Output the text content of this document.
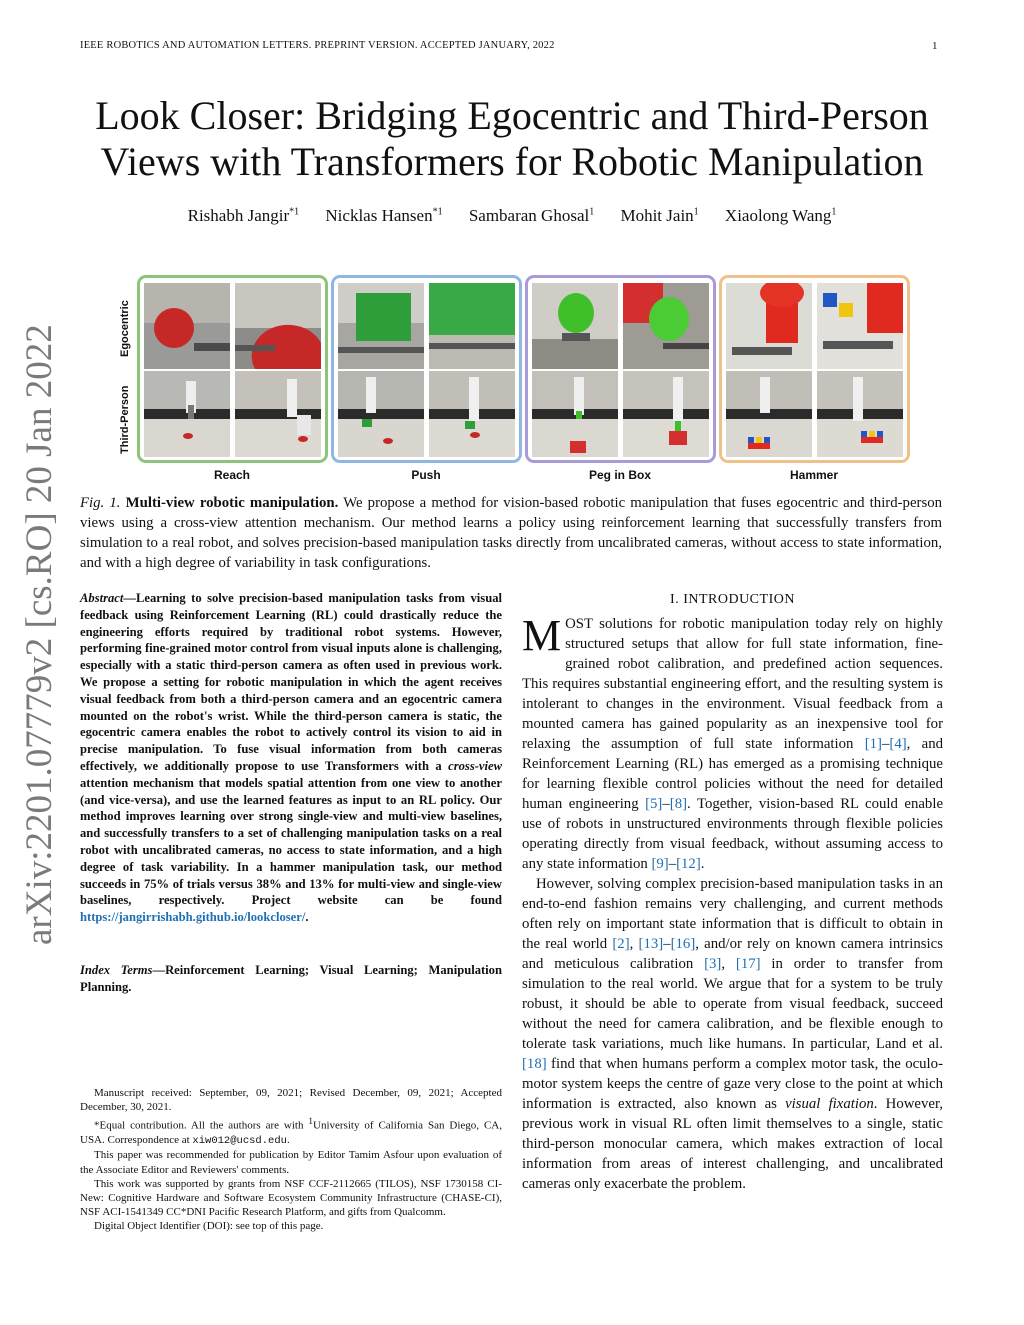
IEEE ROBOTICS AND AUTOMATION LETTERS. PREPRINT VERSION. ACCEPTED JANUARY, 2022	1
Look Closer: Bridging Egocentric and Third-Person
Views with Transformers for Robotic Manipulation
Rishabh Jangir$^{*1}$ Nicklas Hansen$^{*1}$ Sambaran Ghosal$^1$ Mohit Jain$^1$ Xiaolong Wang$^1$
arXiv:2201.07779v2 [cs.RO] 20 Jan 2022	Egocentric
Third-Person
Reach	Push	Peg in Box	Hammer
Fig. 1. Multi-view robotic manipulation. We propose a method for vision-based robotic manipulation that fuses egocentric and third-person views using a cross-view attention mechanism. Our method learns a policy using reinforcement learning that successfully transfers from simulation to a real robot, and solves precision-based manipulation tasks directly from uncalibrated cameras, without access to state information, and with a high degree of variability in task configurations.
Abstract—Learning to solve precision-based manipulation tasks from visual feedback using Reinforcement Learning (RL) could drastically reduce the engineering efforts required by traditional robot systems. However, performing fine-grained motor control from visual inputs alone is challenging, especially with a static third-person camera as often used in previous work. We propose a setting for robotic manipulation in which the agent receives visual feedback from both a third-person camera and an egocentric camera mounted on the robot's wrist. While the third-person camera is static, the egocentric camera enables the robot to actively control its vision to aid in precise manipulation. To fuse visual information from both cameras effectively, we additionally propose to use Transformers with a cross-view attention mechanism that models spatial attention from one view to another (and vice-versa), and use the learned features as input to an RL policy. Our method improves learning over strong single-view and multi-view baselines, and successfully transfers to a set of challenging manipulation tasks on a real robot with uncalibrated cameras, no access to state information, and a high degree of task variability. In a hammer manipulation task, our method succeeds in 75% of trials versus 38% and 13% for multi-view and single-view baselines, respectively. Project website can be found https://jangirrishabh.github.io/lookcloser/.
Index Terms—Reinforcement Learning; Visual Learning; Manipulation Planning.

Manuscript received: September, 09, 2021; Revised December, 09, 2021; Accepted December, 30, 2021.

*Equal contribution. All the authors are with $^1$University of California San Diego, CA, USA. Correspondence at xiw012@ucsd.edu.

This paper was recommended for publication by Editor Tamim Asfour upon evaluation of the Associate Editor and Reviewers' comments.

This work was supported by grants from NSF CCF-2112665 (TILOS), NSF 1730158 CI-New: Cognitive Hardware and Software Ecosystem Community Infrastructure (CHASE-CI), NSF ACI-1541349 CC*DNI Pacific Research Platform, and gifts from Qualcomm.

Digital Object Identifier (DOI): see top of this page.

I. INTRODUCTION

MOST solutions for robotic manipulation today rely on highly structured setups that allow for full state information, fine-grained robot calibration, and predefined action sequences. This requires substantial engineering effort, and the resulting system is intolerant to changes in the environment. Visual feedback from a mounted camera has gained popularity as an inexpensive tool for relaxing the assumption of full state information [1]–[4], and Reinforcement Learning (RL) has emerged as a promising technique for learning flexible control policies without the need for detailed human engineering [5]–[8]. Together, vision-based RL could enable use of robots in unstructured environments through flexible policies operating directly from visual feedback, without assuming access to any state information [9]–[12].

However, solving complex precision-based manipulation tasks in an end-to-end fashion remains very challenging, and current methods often rely on important state information that is difficult to obtain in the real world [2], [13]–[16], and/or rely on known camera intrinsics and meticulous calibration [3], [17] in order to transfer from simulation to the real world. We argue that for a system to be truly robust, it should be able to operate from visual feedback, succeed without the need for camera calibration, and be flexible enough to tolerate task variations, much like humans. In particular, Land et al. [18] find that when humans perform a complex motor task, the oculo-motor system keeps the centre of gaze very close to the point at which information is extracted, also known as visual fixation. However, previous work in visual RL often limit themselves to a single, static third-person monocular camera, which makes extraction of local information from areas of interest challenging, and uncalibrated cameras only exacerbate the problem.
